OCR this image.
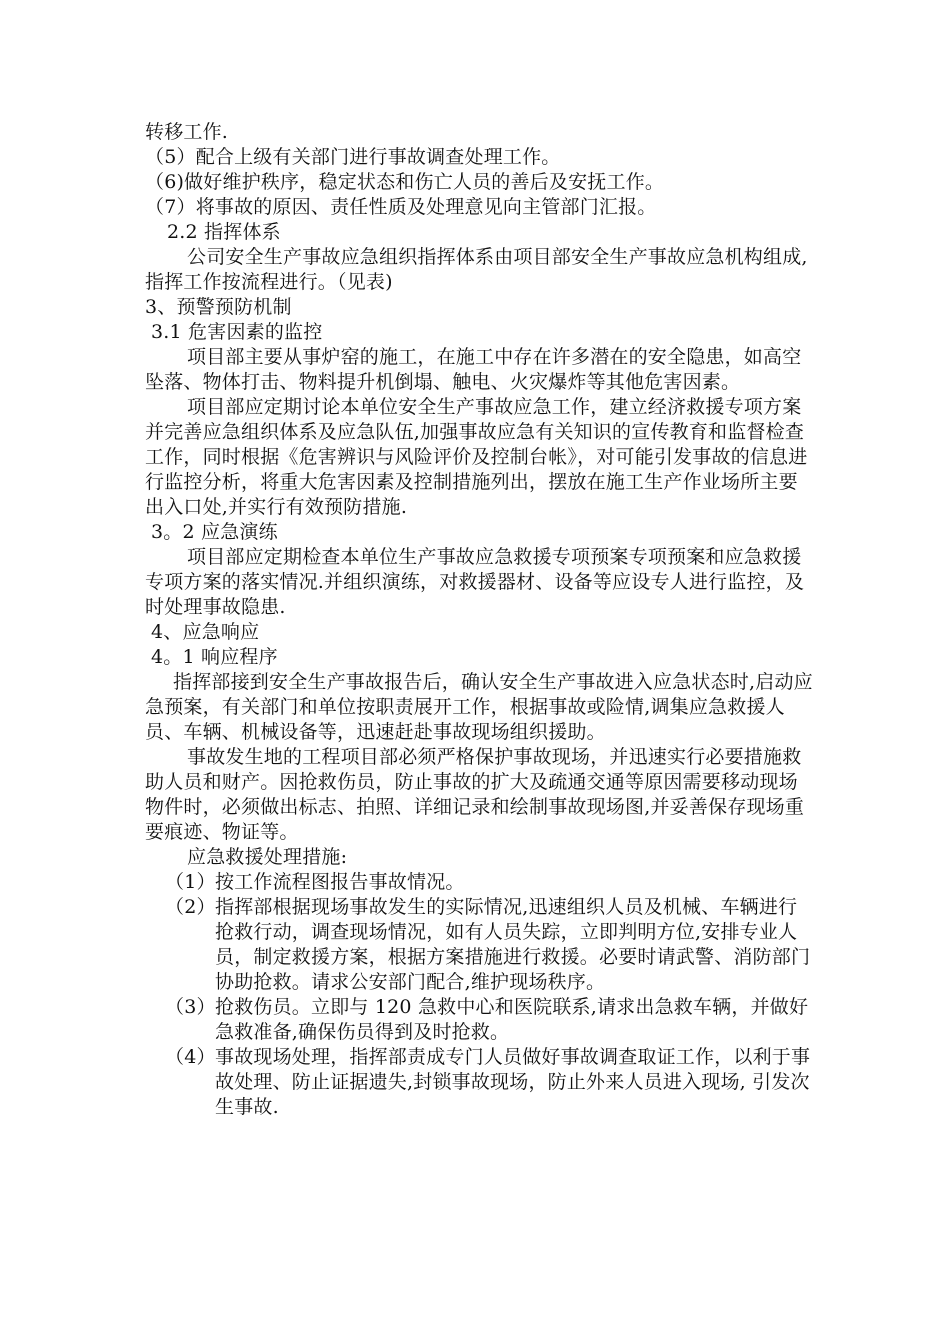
转移工作.

（5）配合上级有关部门进行事故调查处理工作。

（6)做好维护秩序，稳定状态和伤亡人员的善后及安抚工作。

（7）将事故的原因、责任性质及处理意见向主管部门汇报。

2.2 指挥体系

公司安全生产事故应急组织指挥体系由项目部安全生产事故应急机构组成,指挥工作按流程进行。（见表)

3、预警预防机制

3.1 危害因素的监控

项目部主要从事炉窑的施工，在施工中存在许多潜在的安全隐患，如高空坠落、物体打击、物料提升机倒塌、触电、火灾爆炸等其他危害因素。

项目部应定期讨论本单位安全生产事故应急工作，建立经济救援专项方案并完善应急组织体系及应急队伍,加强事故应急有关知识的宣传教育和监督检查工作，同时根据《危害辨识与风险评价及控制台帐》，对可能引发事故的信息进行监控分析，将重大危害因素及控制措施列出，摆放在施工生产作业场所主要出入口处,并实行有效预防措施.

3。2 应急演练

项目部应定期检查本单位生产事故应急救援专项预案专项预案和应急救援专项方案的落实情况.并组织演练，对救援器材、设备等应设专人进行监控，及时处理事故隐患.

4、应急响应

4。1 响应程序

指挥部接到安全生产事故报告后，确认安全生产事故进入应急状态时,启动应急预案，有关部门和单位按职责展开工作，根据事故或险情,调集应急救援人员、车辆、机械设备等，迅速赶赴事故现场组织援助。

事故发生地的工程项目部必须严格保护事故现场，并迅速实行必要措施救助人员和财产。因抢救伤员，防止事故的扩大及疏通交通等原因需要移动现场物件时，必须做出标志、拍照、详细记录和绘制事故现场图,并妥善保存现场重要痕迹、物证等。

应急救援处理措施:

（1） 按工作流程图报告事故情况。
（2） 指挥部根据现场事故发生的实际情况,迅速组织人员及机械、车辆进行抢救行动，调查现场情况，如有人员失踪，立即判明方位,安排专业人员，制定救援方案，根据方案措施进行救援。必要时请武警、消防部门协助抢救。请求公安部门配合,维护现场秩序。
（3） 抢救伤员。立即与 120 急救中心和医院联系,请求出急救车辆，并做好急救准备,确保伤员得到及时抢救。
（4） 事故现场处理，指挥部责成专门人员做好事故调查取证工作，以利于事故处理、防止证据遗失,封锁事故现场，防止外来人员进入现场, 引发次生事故.
